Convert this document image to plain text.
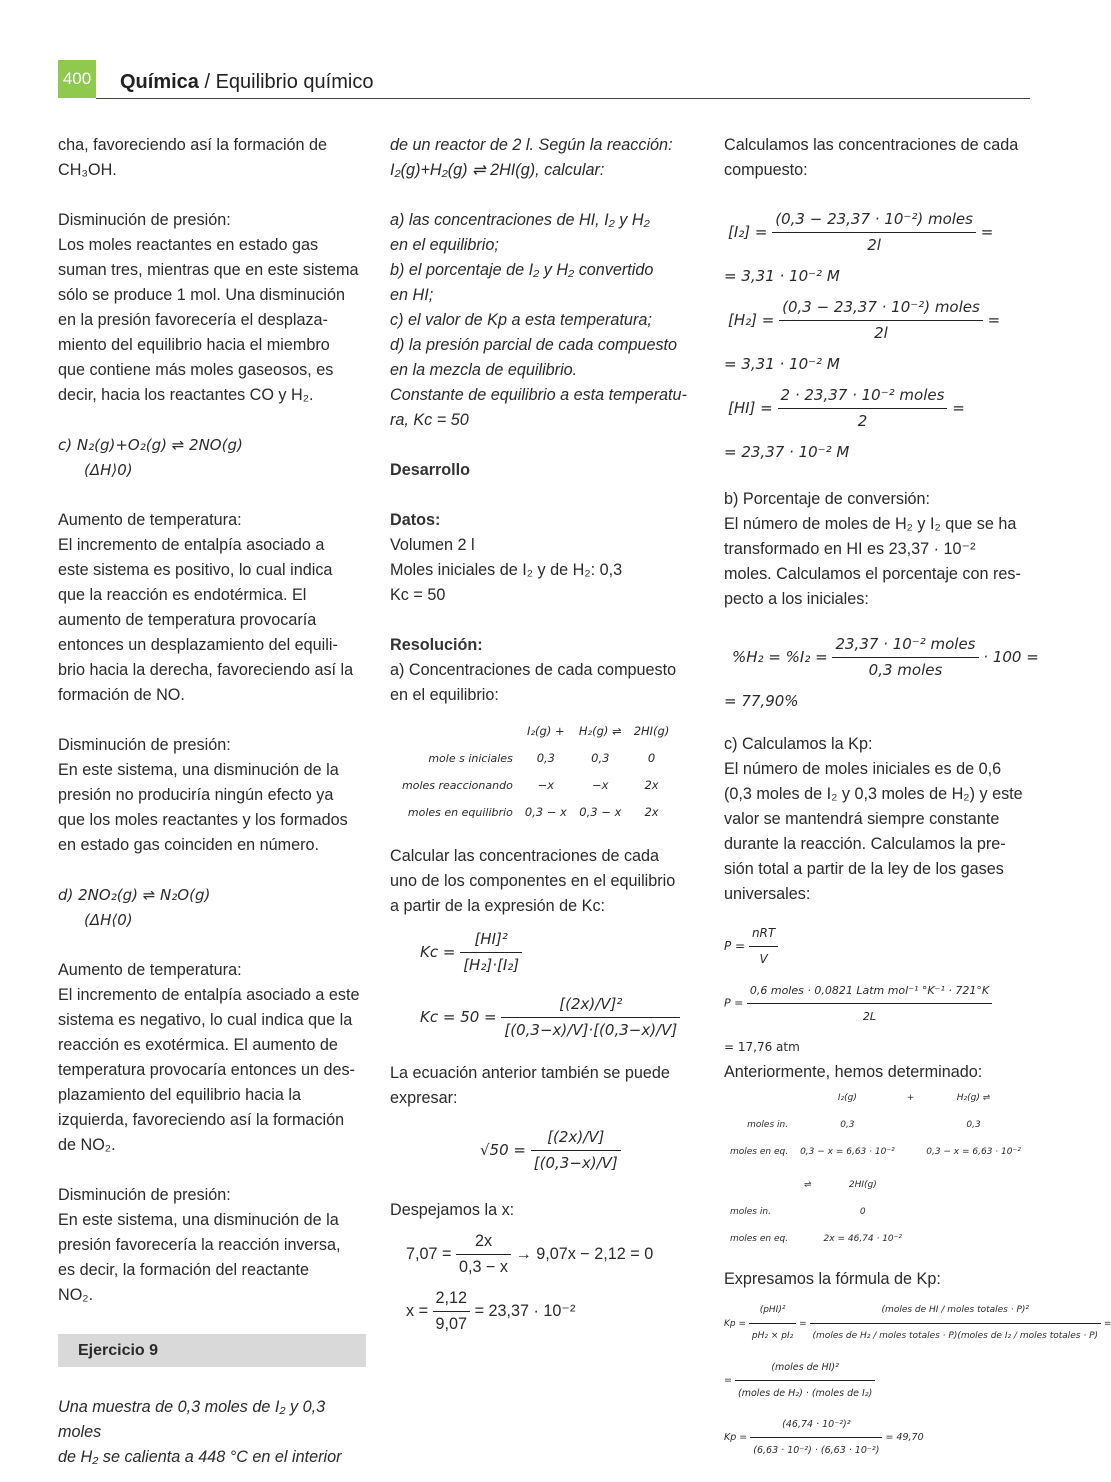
400 Química / Equilibrio químico

cha, favoreciendo así la formación de

CH₃OH.

Disminución de presión:

Los moles reactantes en estado gas

suman tres, mientras que en este sistema

sólo se produce 1 mol. Una disminución

en la presión favorecería el desplaza-

miento del equilibrio hacia el miembro

que contiene más moles gaseosos, es

decir, hacia los reactantes CO y H₂.

c) N₂(g)+O₂(g) ⇌ 2NO(g)

(ΔH⟩0)

Aumento de temperatura:

El incremento de entalpía asociado a

este sistema es positivo, lo cual indica

que la reacción es endotérmica. El

aumento de temperatura provocaría

entonces un desplazamiento del equili-

brio hacia la derecha, favoreciendo así la

formación de NO.

Disminución de presión:

En este sistema, una disminución de la

presión no produciría ningún efecto ya

que los moles reactantes y los formados

en estado gas coinciden en número.

d) 2NO₂(g) ⇌ N₂O(g)

(ΔH⟨0)

Aumento de temperatura:

El incremento de entalpía asociado a este

sistema es negativo, lo cual indica que la

reacción es exotérmica. El aumento de

temperatura provocaría entonces un des-

plazamiento del equilibrio hacia la

izquierda, favoreciendo así la formación

de NO₂.

Disminución de presión:

En este sistema, una disminución de la

presión favorecería la reacción inversa,

es decir, la formación del reactante

NO₂.

Ejercicio 9

Una muestra de 0,3 moles de I₂ y 0,3 moles

de H₂ se calienta a 448 °C en el interior

de un reactor de 2 l. Según la reacción:

I₂(g)+H₂(g) ⇌ 2HI(g), calcular:

a) las concentraciones de HI, I₂ y H₂

en el equilibrio;

b) el porcentaje de I₂ y H₂ convertido

en HI;

c) el valor de Kp a esta temperatura;

d) la presión parcial de cada compuesto

en la mezcla de equilibrio.

Constante de equilibrio a esta temperatu-

ra, Kc = 50

Desarrollo

Datos:

Volumen 2 l

Moles iniciales de I₂ y de H₂: 0,3

Kc = 50

Resolución:

a) Concentraciones de cada compuesto

en el equilibrio:

	I₂(g) +	H₂(g) ⇌	2HI(g)
mole s iniciales	0,3	0,3	0
moles reaccionando	−x	−x	2x
moles en equilibrio	0,3 − x	0,3 − x	2x

Calcular las concentraciones de cada

uno de los componentes en el equilibrio

a partir de la expresión de Kc:

$Kc = \frac{\text{[HI]²}}{\text{[H₂]·[I₂]}}$
$Kc = 50 = \frac{\text{[(2x)/V]²}}{[(0,3-x)/V]\cdot[(0,3-x)/V]}$

La ecuación anterior también se puede

expresar:

$√50 = \frac{[(2x)/V]}{[(0,3-x)/V]}$

Despejamos la x:

$7,07 = \frac{2x}{0,3 - x} \to 9,07x - 2,12 = 0$
$x = \frac{2,12}{9,07} = 23,37 \cdot 10^{-2}$

Calculamos las concentraciones de cada

compuesto:

$[I_2] = \frac{\text{(0,3 − 23,37 · 10⁻²) moles}}{2l}$ =

= 3,31 · 10⁻² M

$[H_2] = \frac{\text{(0,3 − 23,37 · 10⁻²) moles}}{2l}$ =

= 3,31 · 10⁻² M

$[HI] = \frac{\text{2 · 23,37 · 10⁻² moles}}{2}$ =

= 23,37 · 10⁻² M

b) Porcentaje de conversión:

El número de moles de H₂ y I₂ que se ha

transformado en HI es 23,37 · 10⁻²

moles. Calculamos el porcentaje con res-

pecto a los iniciales:

$\%H_2 = \%I_2 = \frac{\text{23,37 · 10⁻² moles}}{\text{0,3 moles}} \cdot 100$ =

= 77,90%

c) Calculamos la Kp:

El número de moles iniciales es de 0,6

(0,3 moles de I₂ y 0,3 moles de H₂) y este

valor se mantendrá siempre constante

durante la reacción. Calculamos la pre-

sión total a partir de la ley de los gases

universales:

$P = \frac{\text{nRT}}{V}$
$P = \frac{\text{0,6 moles · 0,0821 Latm mol⁻¹ °K⁻¹ · 721°K}}{2L}$

= 17,76 atm

Anteriormente, hemos determinado:

	I₂(g)	+	H₂(g) ⇌
moles in.	0,3		0,3
moles en eq.	0,3 − x = 6,63 · 10⁻²		0,3 − x = 6,63 · 10⁻²
⇌	2HI(g)
moles in.	0
moles en eq.	2x = 46,74 · 10⁻²

Expresamos la fórmula de Kp:

$Kp = \frac{\text{(pHI)²}}{\text{pH₂ × pI₂}}$ =
(moles de HI / moles totales · P)²
(moles de H₂ / moles totales · P)(moles de I₂ / moles totales · P)
=
= $\frac{\text{(moles de HI)²}}{\text{(moles de H₂) · (moles de I₂)}}$
$Kp = \frac{\text{(46,74 · 10⁻²)²}}{\text{(6,63 · 10⁻²) · (6,63 · 10⁻²)}} = 49,70$
